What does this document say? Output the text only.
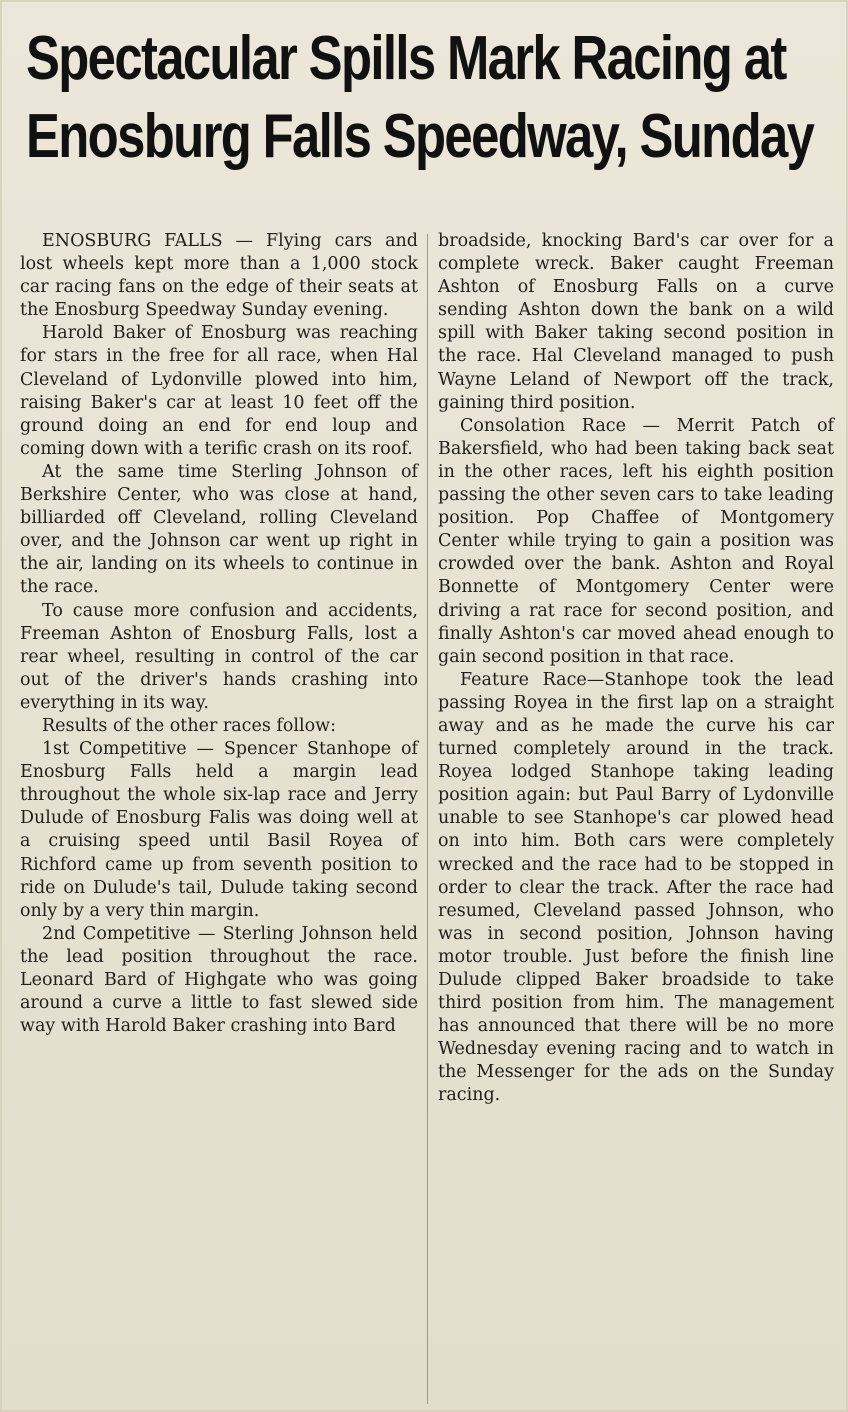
Spectacular Spills Mark Racing at
Enosburg Falls Speedway, Sunday

ENOSBURG FALLS — Flying cars and lost wheels kept more than a 1,000 stock car racing fans on the edge of their seats at the Enosburg Speedway Sunday evening.

Harold Baker of Enosburg was reaching for stars in the free for all race, when Hal Cleveland of Lydonville plowed into him, raising Baker's car at least 10 feet off the ground doing an end for end loup and coming down with a terific crash on its roof.

At the same time Sterling Johnson of Berkshire Center, who was close at hand, billiarded off Cleveland, rolling Cleveland over, and the Johnson car went up right in the air, landing on its wheels to continue in the race.

To cause more confusion and accidents, Freeman Ashton of Enosburg Falls, lost a rear wheel, resulting in control of the car out of the driver's hands crashing into everything in its way.

Results of the other races follow:

1st Competitive — Spencer Stanhope of Enosburg Falls held a margin lead throughout the whole six-lap race and Jerry Dulude of Enosburg Falis was doing well at a cruising speed until Basil Royea of Richford came up from seventh position to ride on Dulude's tail, Dulude taking second only by a very thin margin.

2nd Competitive — Sterling Johnson held the lead position throughout the race. Leonard Bard of Highgate who was going around a curve a little to fast slewed side way with Harold Baker crashing into Bard

broadside, knocking Bard's car over for a complete wreck. Baker caught Freeman Ashton of Enosburg Falls on a curve sending Ashton down the bank on a wild spill with Baker taking second position in the race. Hal Cleveland managed to push Wayne Leland of Newport off the track, gaining third position.

Consolation Race — Merrit Patch of Bakersfield, who had been taking back seat in the other races, left his eighth position passing the other seven cars to take leading position. Pop Chaffee of Montgomery Center while trying to gain a position was crowded over the bank. Ashton and Royal Bonnette of Montgomery Center were driving a rat race for second position, and finally Ashton's car moved ahead enough to gain second position in that race.

Feature Race—Stanhope took the lead passing Royea in the first lap on a straight away and as he made the curve his car turned completely around in the track. Royea lodged Stanhope taking leading position again: but Paul Barry of Lydonville unable to see Stanhope's car plowed head on into him. Both cars were completely wrecked and the race had to be stopped in order to clear the track. After the race had resumed, Cleveland passed Johnson, who was in second position, Johnson having motor trouble. Just before the finish line Dulude clipped Baker broadside to take third position from him. The management has announced that there will be no more Wednesday evening racing and to watch in the Messenger for the ads on the Sunday racing.
